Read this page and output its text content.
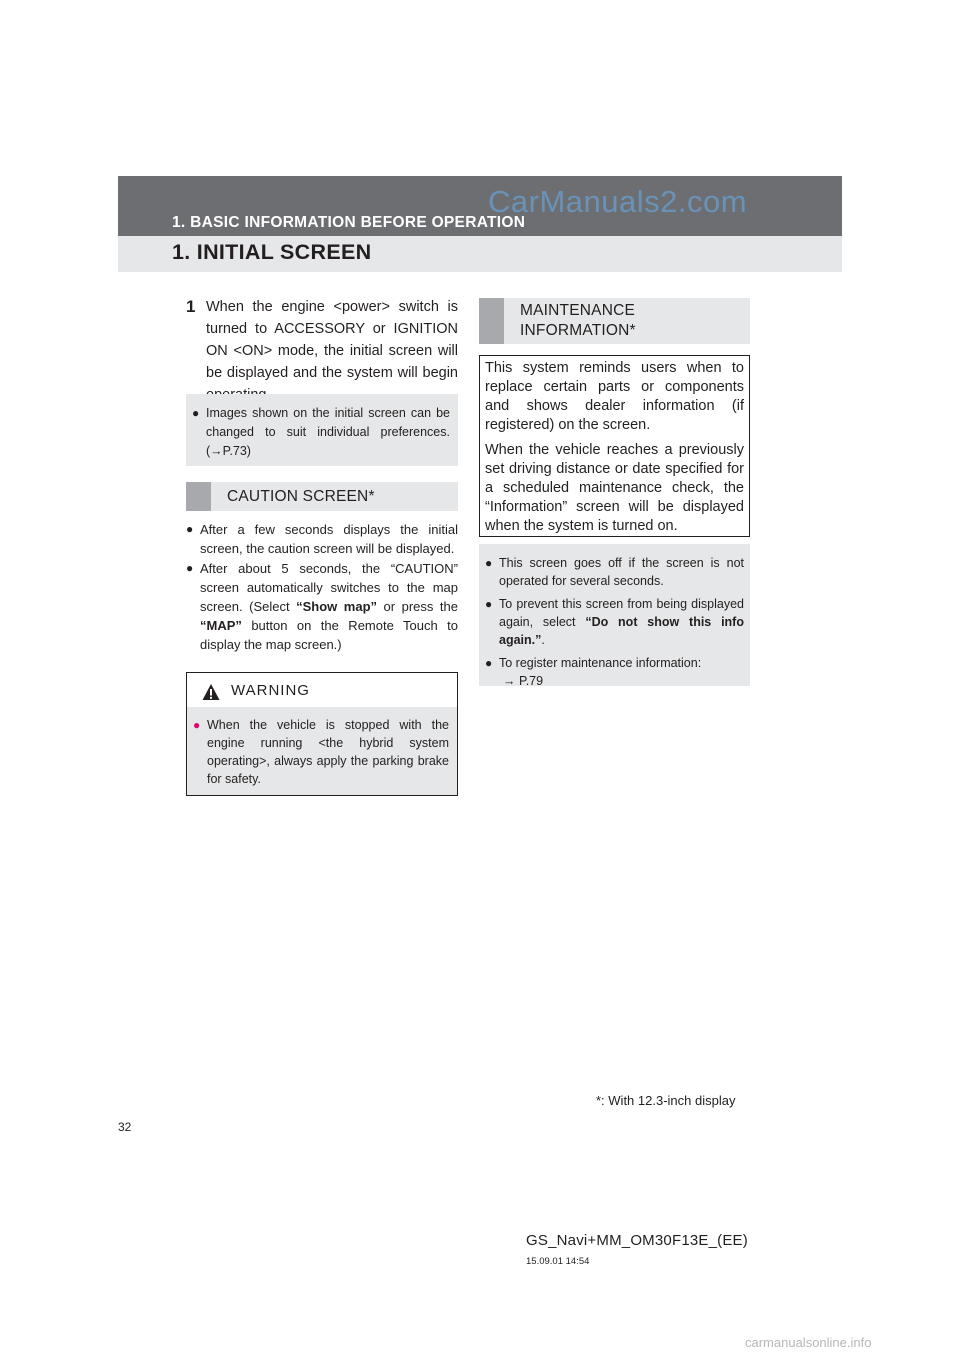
1. BASIC INFORMATION BEFORE OPERATION
CarManuals2.com
1. INITIAL SCREEN
1 When the engine <power> switch is turned to ACCESSORY or IGNITION ON <ON> mode, the initial screen will be displayed and the system will begin
● Images shown on the initial screen can be changed to suit individual preferences. (→P.73)
CAUTION SCREEN*
● After a few seconds displays the initial screen, the caution screen will be displayed.
● After about 5 seconds, the “CAUTION” screen automatically switches to the map screen. (Select “Show map” or press the “MAP” button on the Remote Touch to display the map screen.)
WARNING
● When the vehicle is stopped with the engine running <the hybrid system operating>, always apply the parking brake for safety.
MAINTENANCE
INFORMATION*

This system reminds users when to replace certain parts or components and shows dealer information (if registered) on the screen.

When the vehicle reaches a previously set driving distance or date specified for a scheduled maintenance check, the “Information” screen will be displayed when the system is turned on.

● This screen goes off if the screen is not operated for several seconds.
● To prevent this screen from being displayed again, select “Do not show this info again.”.
● To register maintenance information:
→ P.79
*: With 12.3-inch display
32
GS_Navi+MM_OM30F13E_(EE)
15.09.01 14:54
carmanualsonline.info
